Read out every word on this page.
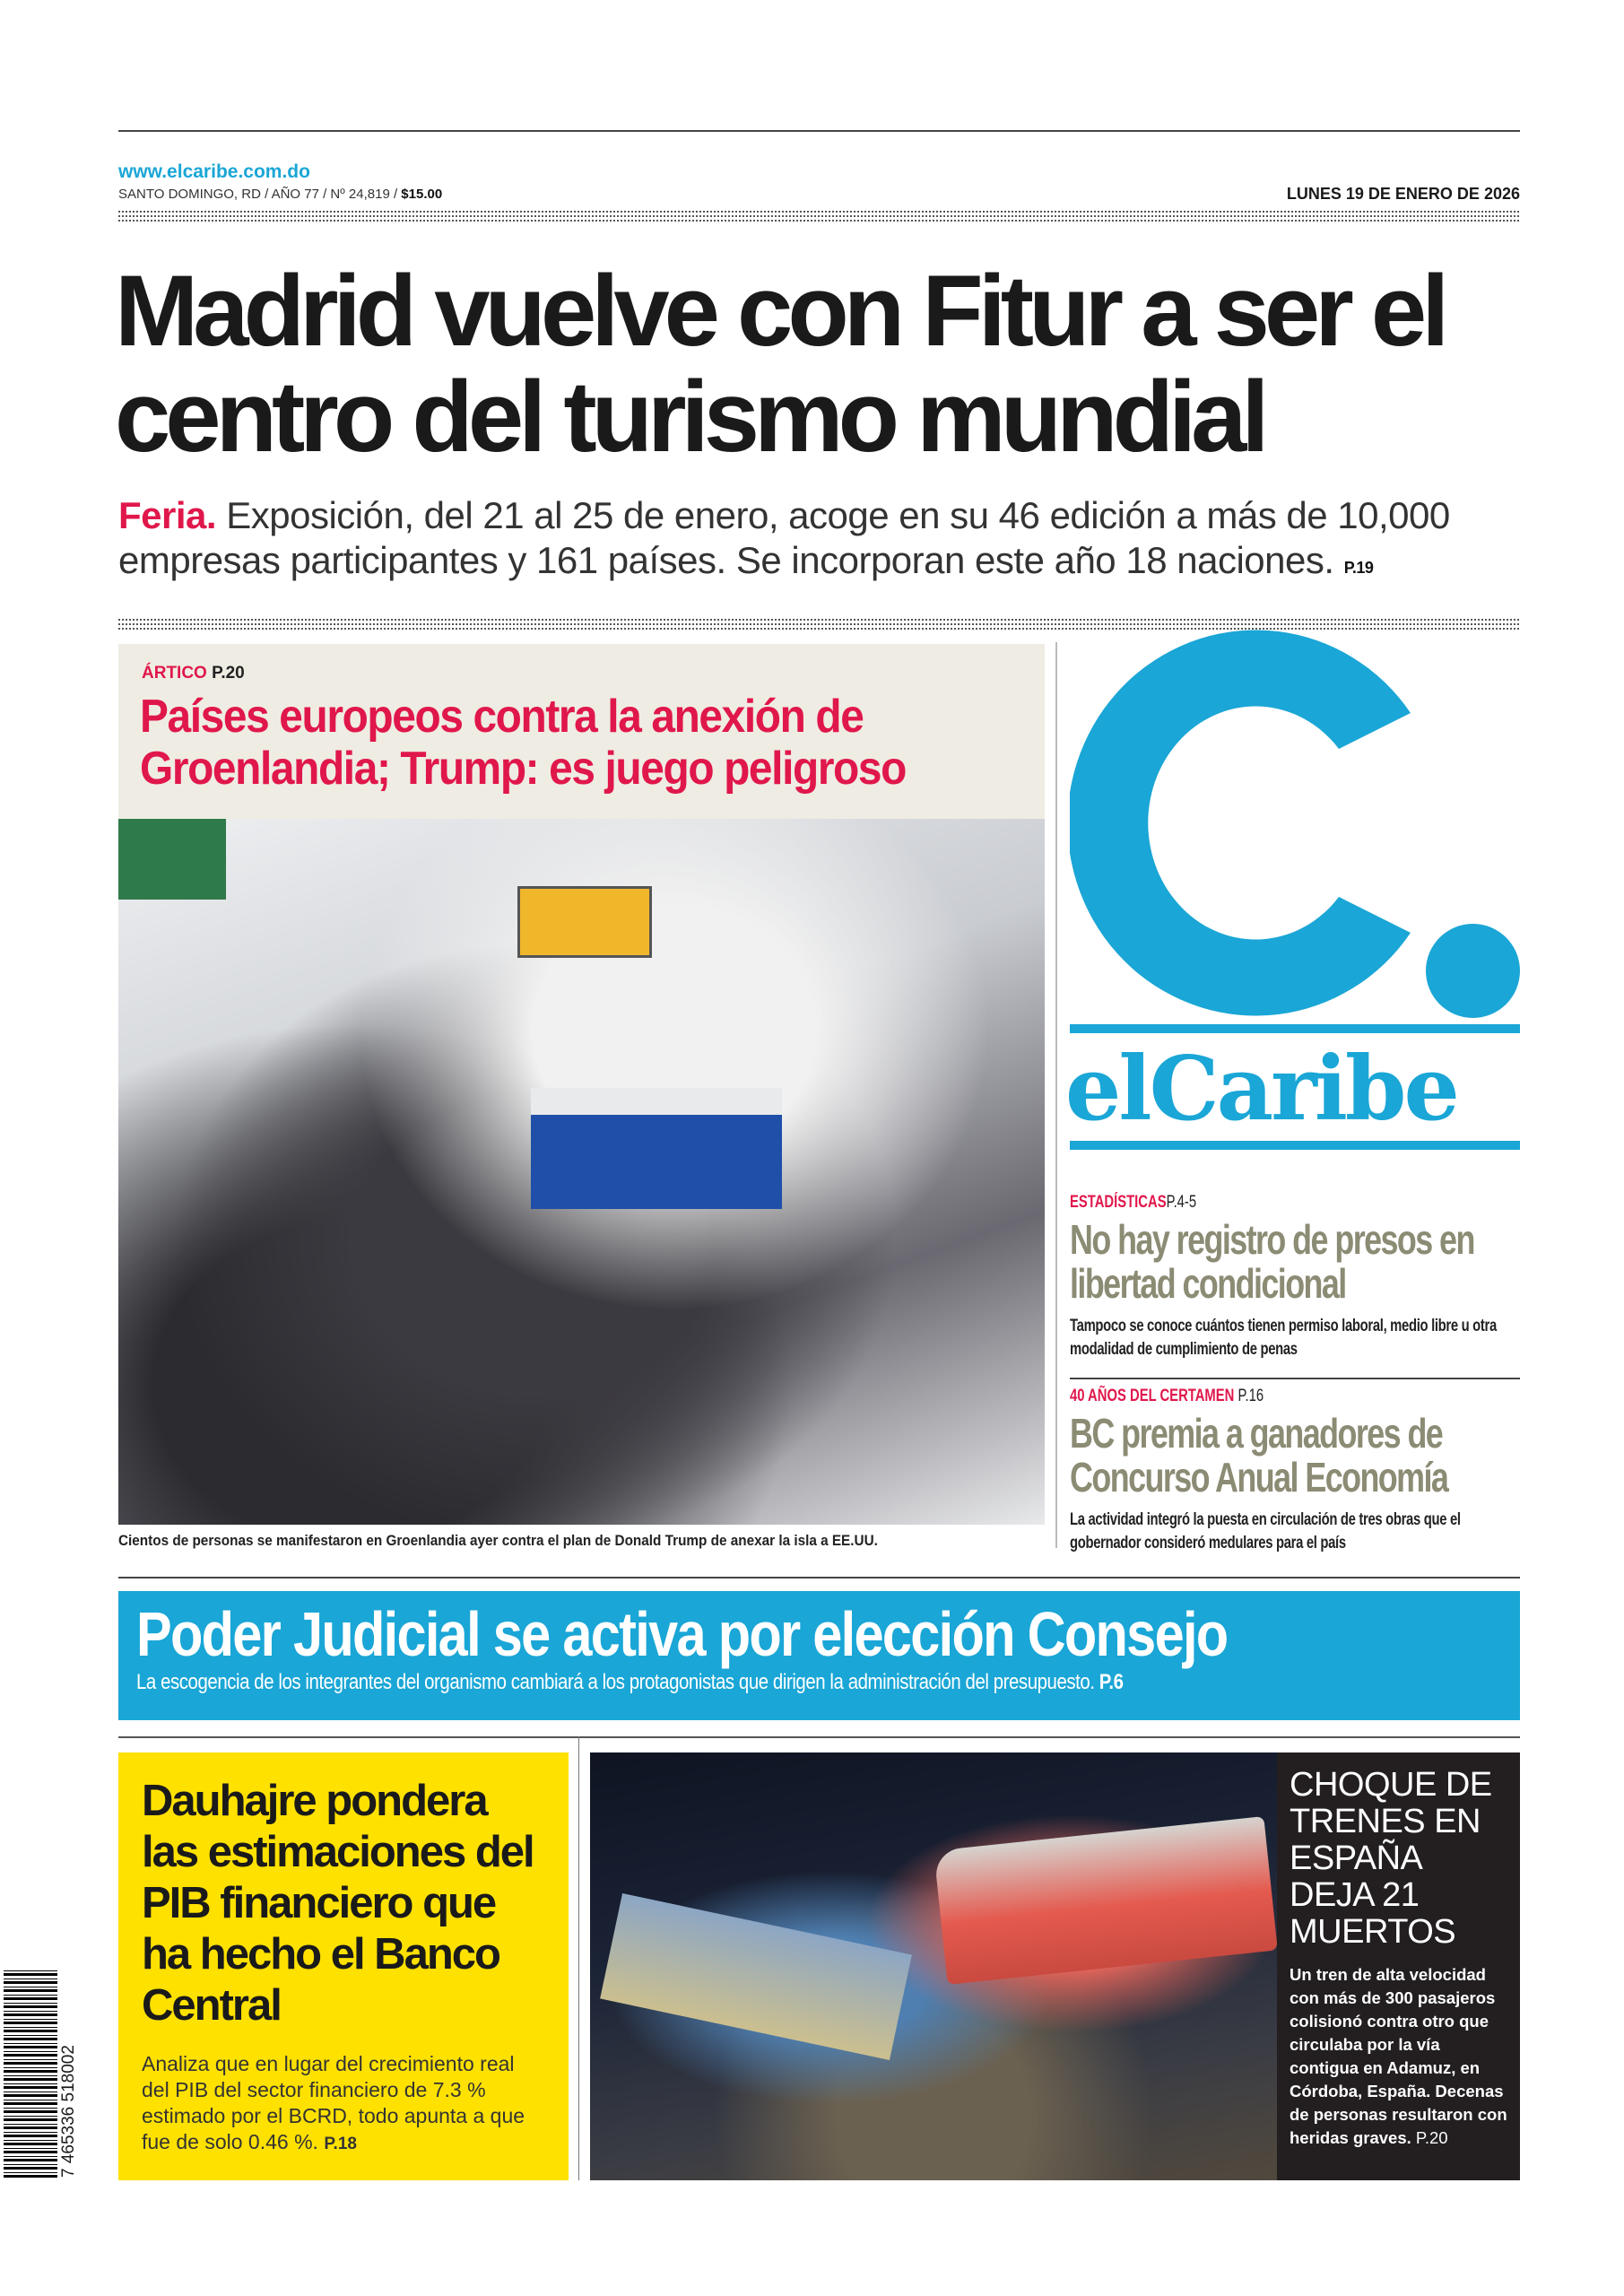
www.elcaribe.com.do
SANTO DOMINGO, RD / AÑO 77 / Nº 24,819 / $15.00	LUNES 19 DE ENERO DE 2026
Madrid vuelve con Fitur a ser el centro del turismo mundial
Feria. Exposición, del 21 al 25 de enero, acoge en su 46 edición a más de 10,000 empresas participantes y 161 países. Se incorporan este año 18 naciones. P.19
ÁRTICO P.20
Países europeos contra la anexión de Groenlandia; Trump: es juego peligroso
Cientos de personas se manifestaron en Groenlandia ayer contra el plan de Donald Trump de anexar la isla a EE.UU.
elCaribe
ESTADÍSTICASP.4-5
No hay registro de presos en libertad condicional
Tampoco se conoce cuántos tienen permiso laboral, medio libre u otra modalidad de cumplimiento de penas
40 AÑOS DEL CERTAMEN P.16
BC premia a ganadores de Concurso Anual Economía
La actividad integró la puesta en circulación de tres obras que el gobernador consideró medulares para el país
Poder Judicial se activa por elección Consejo

La escogencia de los integrantes del organismo cambiará a los protagonistas que dirigen la administración del presupuesto. P.6

Dauhajre pondera las estimaciones del PIB financiero que ha hecho el Banco Central

Analiza que en lugar del crecimiento real del PIB del sector financiero de 7.3 % estimado por el BCRD, todo apunta a que fue de solo 0.46 %. P.18

CHOQUE DE TRENES EN ESPAÑA DEJA 21 MUERTOS

Un tren de alta velocidad con más de 300 pasajeros colisionó contra otro que circulaba por la vía contigua en Adamuz, en Córdoba, España. Decenas de personas resultaron con heridas graves. P.20

7 465336 518002
